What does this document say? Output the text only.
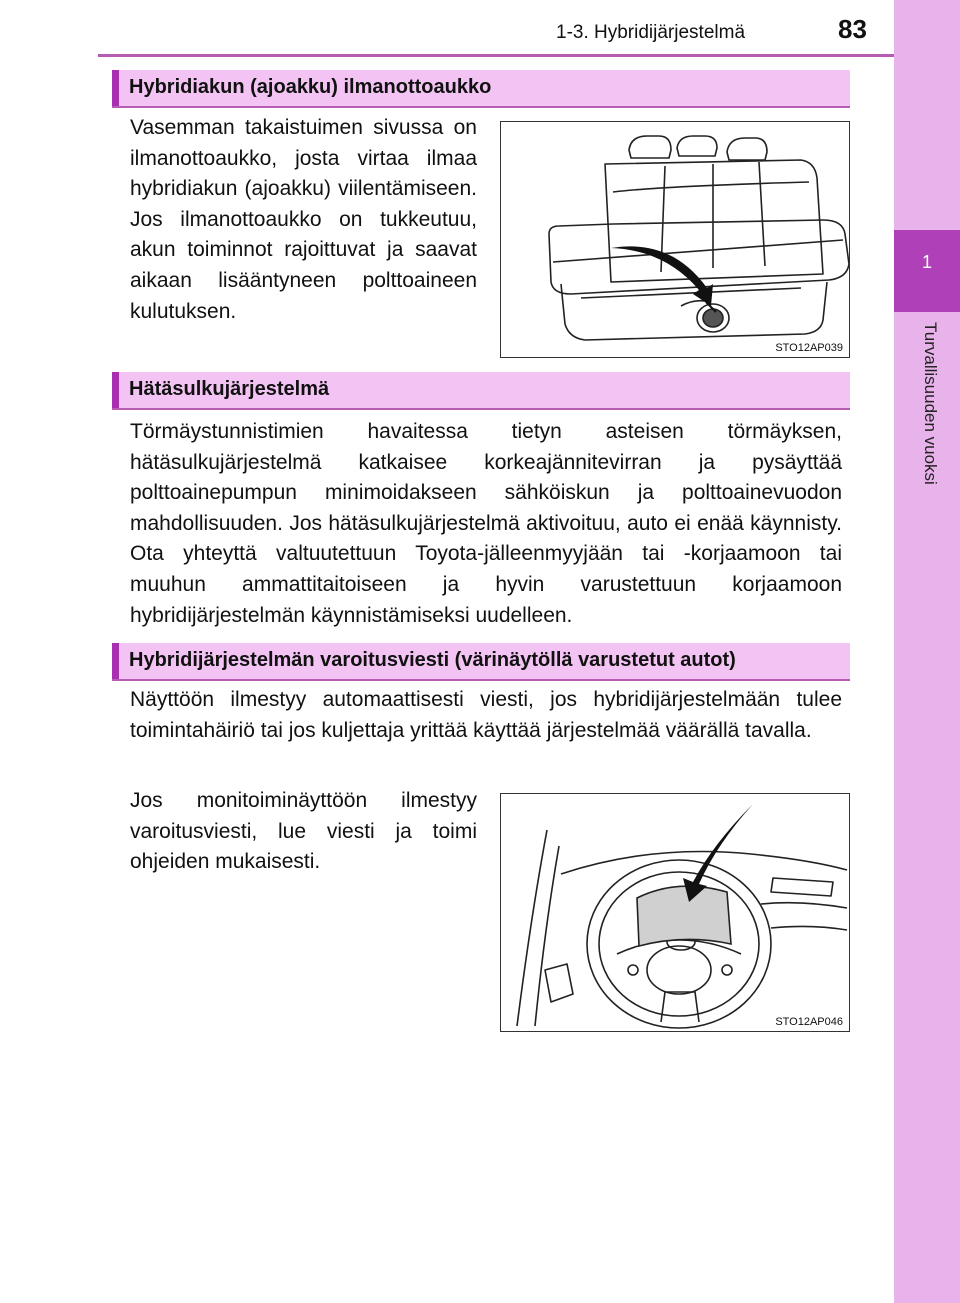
1-3. Hybridijärjestelmä	83
1
Turvallisuuden vuoksi
Hybridiakun (ajoakku) ilmanottoaukko
Vasemman takaistuimen sivussa on ilmanottoaukko, josta virtaa ilmaa hybridiakun (ajoakku) viilentämiseen. Jos ilmanottoaukko on tukkeutuu, akun toiminnot rajoittuvat ja saavat aikaan lisääntyneen polttoaineen kulutuksen.
STO12AP039
Hätäsulkujärjestelmä
Törmäystunnistimien havaitessa tietyn asteisen törmäyksen, hätäsulkujärjestelmä katkaisee korkeajännitevirran ja pysäyttää polttoainepumpun minimoidakseen sähköiskun ja polttoainevuodon mahdollisuuden. Jos hätäsulkujärjestelmä aktivoituu, auto ei enää käynnisty. Ota yhteyttä valtuutettuun Toyota-jälleenmyyjään tai -korjaamoon tai muuhun ammattitaitoiseen ja hyvin varustettuun korjaamoon hybridijärjestelmän käynnistämiseksi uudelleen.
Hybridijärjestelmän varoitusviesti (värinäytöllä varustetut autot)
Näyttöön ilmestyy automaattisesti viesti, jos hybridijärjestelmään tulee toimintahäiriö tai jos kuljettaja yrittää käyttää järjestelmää väärällä tavalla.
Jos monitoiminäyttöön ilmestyy varoitusviesti, lue viesti ja toimi ohjeiden mukaisesti.
STO12AP046
